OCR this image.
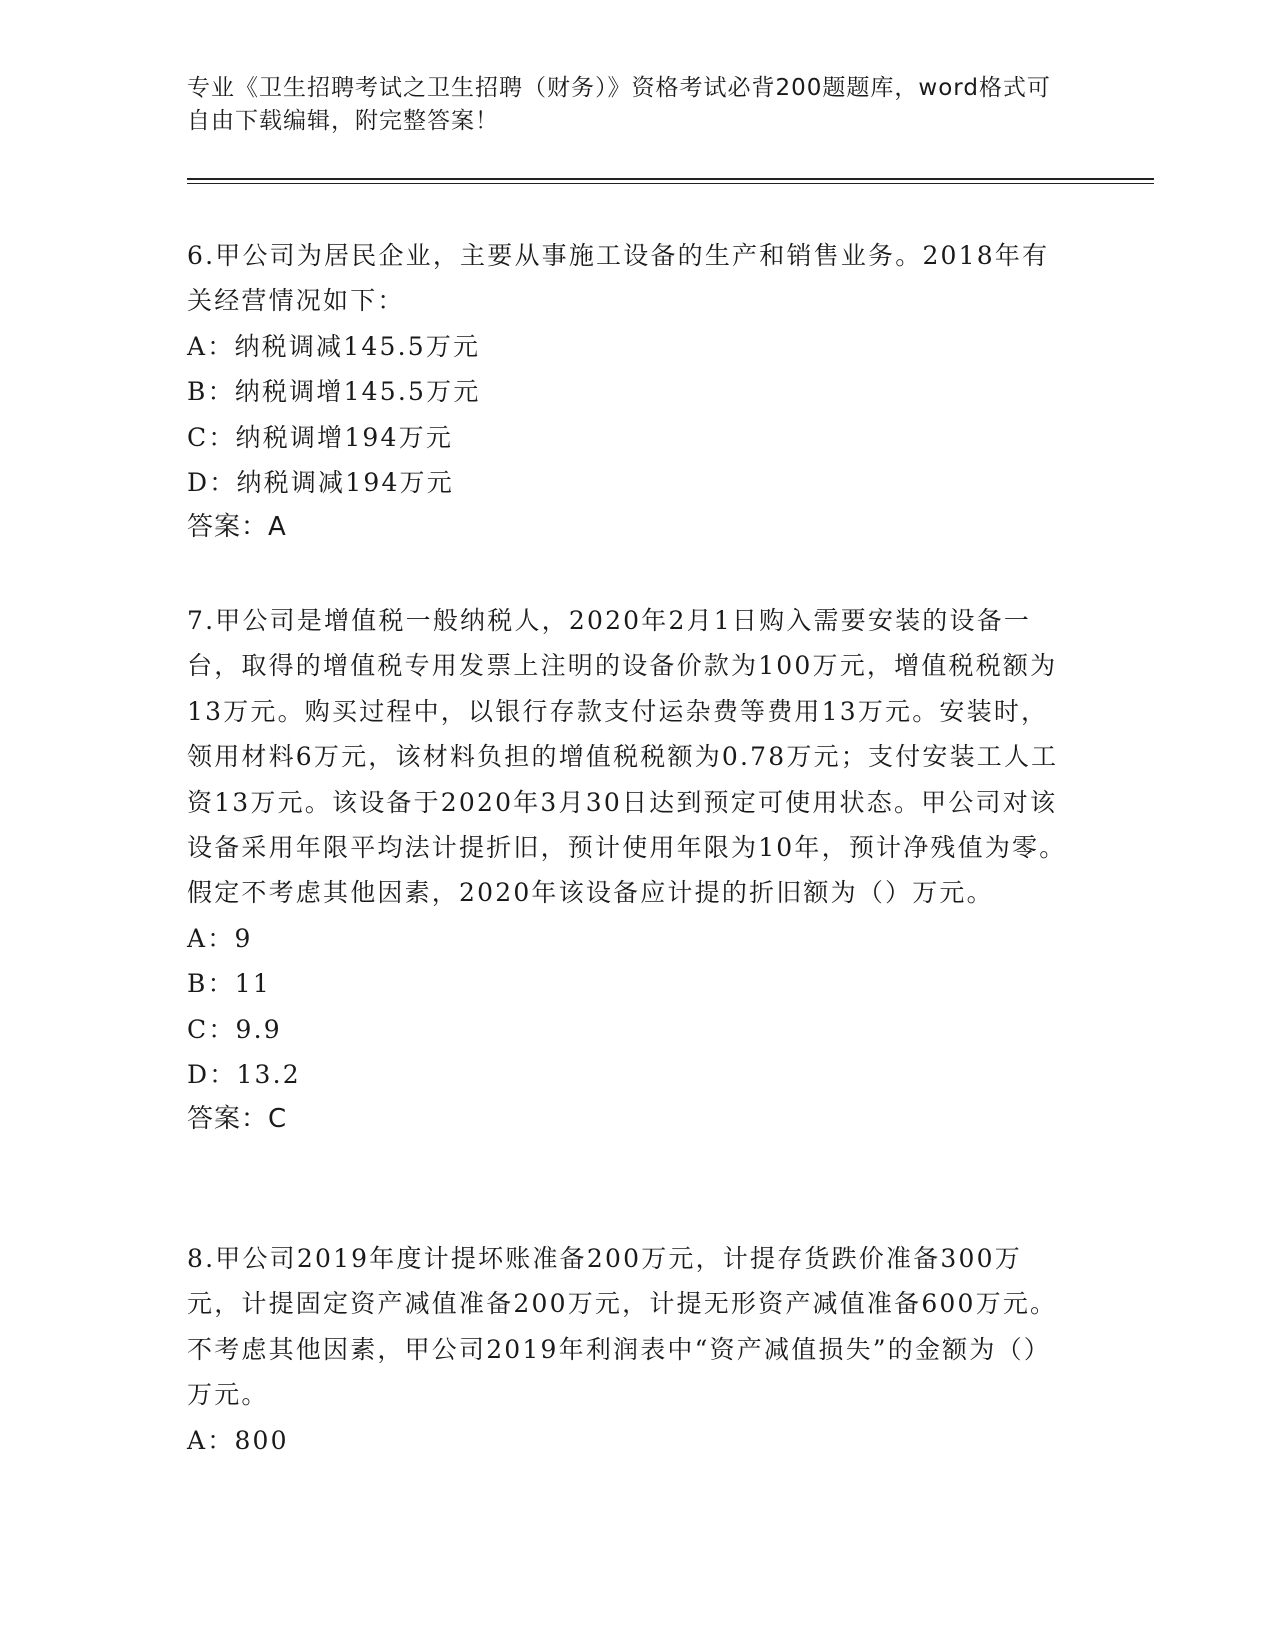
专业《卫生招聘考试之卫生招聘（财务）》资格考试必背200题题库，word格式可自由下载编辑，附完整答案！

6.甲公司为居民企业，主要从事施工设备的生产和销售业务。2018年有关经营情况如下：

A：纳税调减145.5万元
B：纳税调增145.5万元
C：纳税调增194万元
D：纳税调减194万元
答案：A

7.甲公司是增值税一般纳税人，2020年2月1日购入需要安装的设备一台，取得的增值税专用发票上注明的设备价款为100万元，增值税税额为13万元。购买过程中，以银行存款支付运杂费等费用13万元。安装时，领用材料6万元，该材料负担的增值税税额为0.78万元；支付安装工人工资13万元。该设备于2020年3月30日达到预定可使用状态。甲公司对该设备采用年限平均法计提折旧，预计使用年限为10年，预计净残值为零。假定不考虑其他因素，2020年该设备应计提的折旧额为（）万元。

A：9
B：11
C：9.9
D：13.2
答案：C

8.甲公司2019年度计提坏账准备200万元，计提存货跌价准备300万元，计提固定资产减值准备200万元，计提无形资产减值准备600万元。不考虑其他因素，甲公司2019年利润表中“资产减值损失”的金额为（）万元。

A：800
